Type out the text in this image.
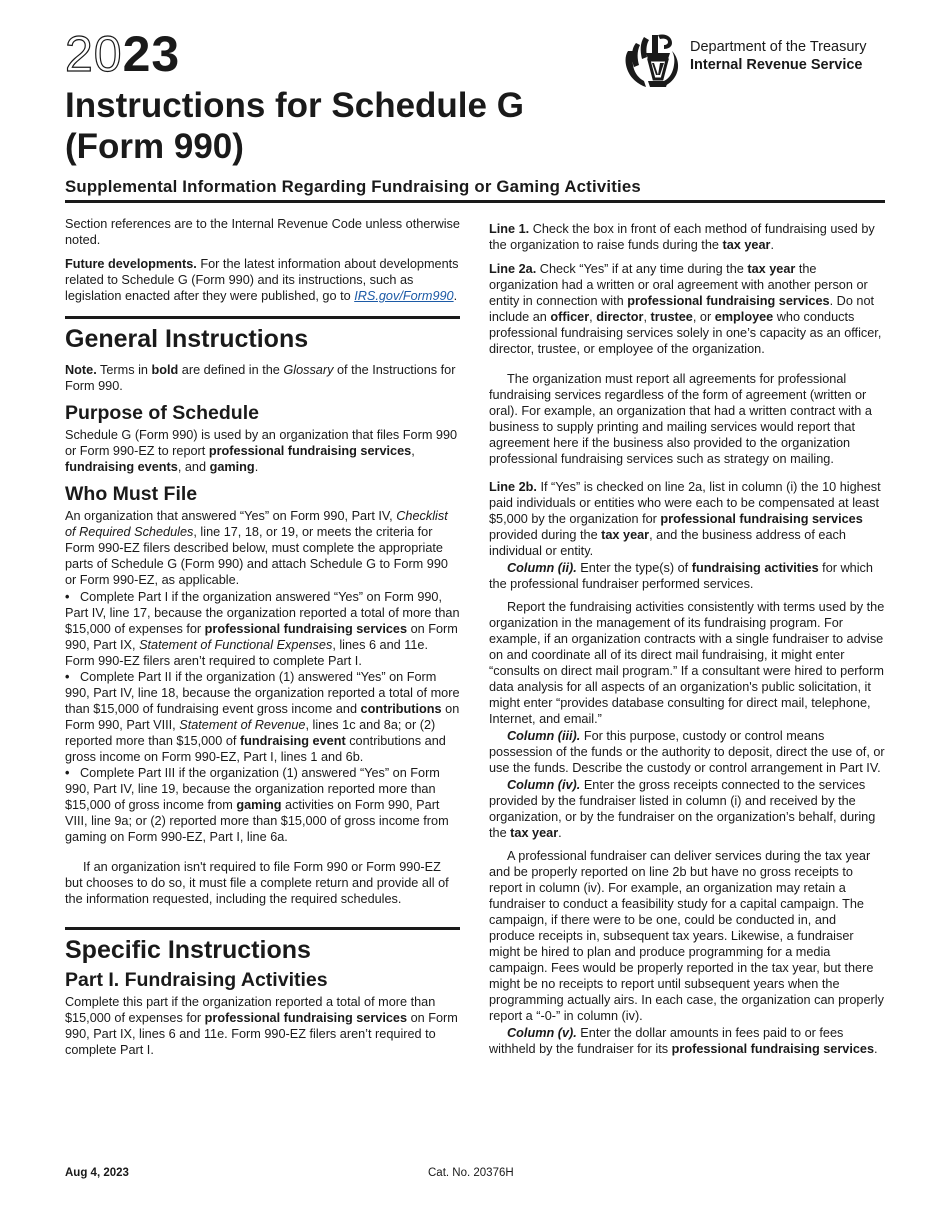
2023
Instructions for Schedule G
(Form 990)
Department of the Treasury
Internal Revenue Service
Supplemental Information Regarding Fundraising or Gaming Activities

Section references are to the Internal Revenue Code unless otherwise noted.

Future developments. For the latest information about developments related to Schedule G (Form 990) and its instructions, such as legislation enacted after they were published, go to IRS.gov/Form990.

General Instructions

Note. Terms in bold are defined in the Glossary of the Instructions for Form 990.

Purpose of Schedule

Schedule G (Form 990) is used by an organization that files Form 990 or Form 990-EZ to report professional fundraising services, fundraising events, and gaming.

Who Must File

An organization that answered “Yes” on Form 990, Part IV, Checklist of Required Schedules, line 17, 18, or 19, or meets the criteria for Form 990-EZ filers described below, must complete the appropriate parts of Schedule G (Form 990) and attach Schedule G to Form 990 or Form 990-EZ, as applicable.

• Complete Part I if the organization answered “Yes” on Form 990, Part IV, line 17, because the organization reported a total of more than $15,000 of expenses for professional fundraising services on Form 990, Part IX, Statement of Functional Expenses, lines 6 and 11e. Form 990-EZ filers aren’t required to complete Part I.
• Complete Part II if the organization (1) answered “Yes” on Form 990, Part IV, line 18, because the organization reported a total of more than $15,000 of fundraising event gross income and contributions on Form 990, Part VIII, Statement of Revenue, lines 1c and 8a; or (2) reported more than $15,000 of fundraising event contributions and gross income on Form 990-EZ, Part I, lines 1 and 6b.
• Complete Part III if the organization (1) answered “Yes” on Form 990, Part IV, line 19, because the organization reported more than $15,000 of gross income from gaming activities on Form 990, Part VIII, line 9a; or (2) reported more than $15,000 of gross income from gaming on Form 990-EZ, Part I, line 6a.

If an organization isn't required to file Form 990 or Form 990-EZ but chooses to do so, it must file a complete return and provide all of the information requested, including the required schedules.

Specific Instructions
Part I. Fundraising Activities

Complete this part if the organization reported a total of more than $15,000 of expenses for professional fundraising services on Form 990, Part IX, lines 6 and 11e. Form 990-EZ filers aren’t required to complete Part I.

Line 1. Check the box in front of each method of fundraising used by the organization to raise funds during the tax year.

Line 2a. Check “Yes” if at any time during the tax year the organization had a written or oral agreement with another person or entity in connection with professional fundraising services. Do not include an officer, director, trustee, or employee who conducts professional fundraising services solely in one’s capacity as an officer, director, trustee, or employee of the organization.

The organization must report all agreements for professional fundraising services regardless of the form of agreement (written or oral). For example, an organization that had a written contract with a business to supply printing and mailing services would report that agreement here if the business also provided to the organization professional fundraising services such as strategy on mailing.

Line 2b. If “Yes” is checked on line 2a, list in column (i) the 10 highest paid individuals or entities who were each to be compensated at least $5,000 by the organization for professional fundraising services provided during the tax year, and the business address of each individual or entity.

Column (ii). Enter the type(s) of fundraising activities for which the professional fundraiser performed services.

Report the fundraising activities consistently with terms used by the organization in the management of its fundraising program. For example, if an organization contracts with a single fundraiser to advise on and coordinate all of its direct mail fundraising, it might enter “consults on direct mail program.” If a consultant were hired to perform data analysis for all aspects of an organization's public solicitation, it might enter “provides database consulting for direct mail, telephone, Internet, and email.”

Column (iii). For this purpose, custody or control means possession of the funds or the authority to deposit, direct the use of, or use the funds. Describe the custody or control arrangement in Part IV.

Column (iv). Enter the gross receipts connected to the services provided by the fundraiser listed in column (i) and received by the organization, or by the fundraiser on the organization’s behalf, during the tax year.

A professional fundraiser can deliver services during the tax year and be properly reported on line 2b but have no gross receipts to report in column (iv). For example, an organization may retain a fundraiser to conduct a feasibility study for a capital campaign. The campaign, if there were to be one, could be conducted in, and produce receipts in, subsequent tax years. Likewise, a fundraiser might be hired to plan and produce programming for a media campaign. Fees would be properly reported in the tax year, but there might be no receipts to report until subsequent years when the programming actually airs. In each case, the organization can properly report a “-0-” in column (iv).

Column (v). Enter the dollar amounts in fees paid to or fees withheld by the fundraiser for its professional fundraising services.

Aug 4, 2023	Cat. No. 20376H
